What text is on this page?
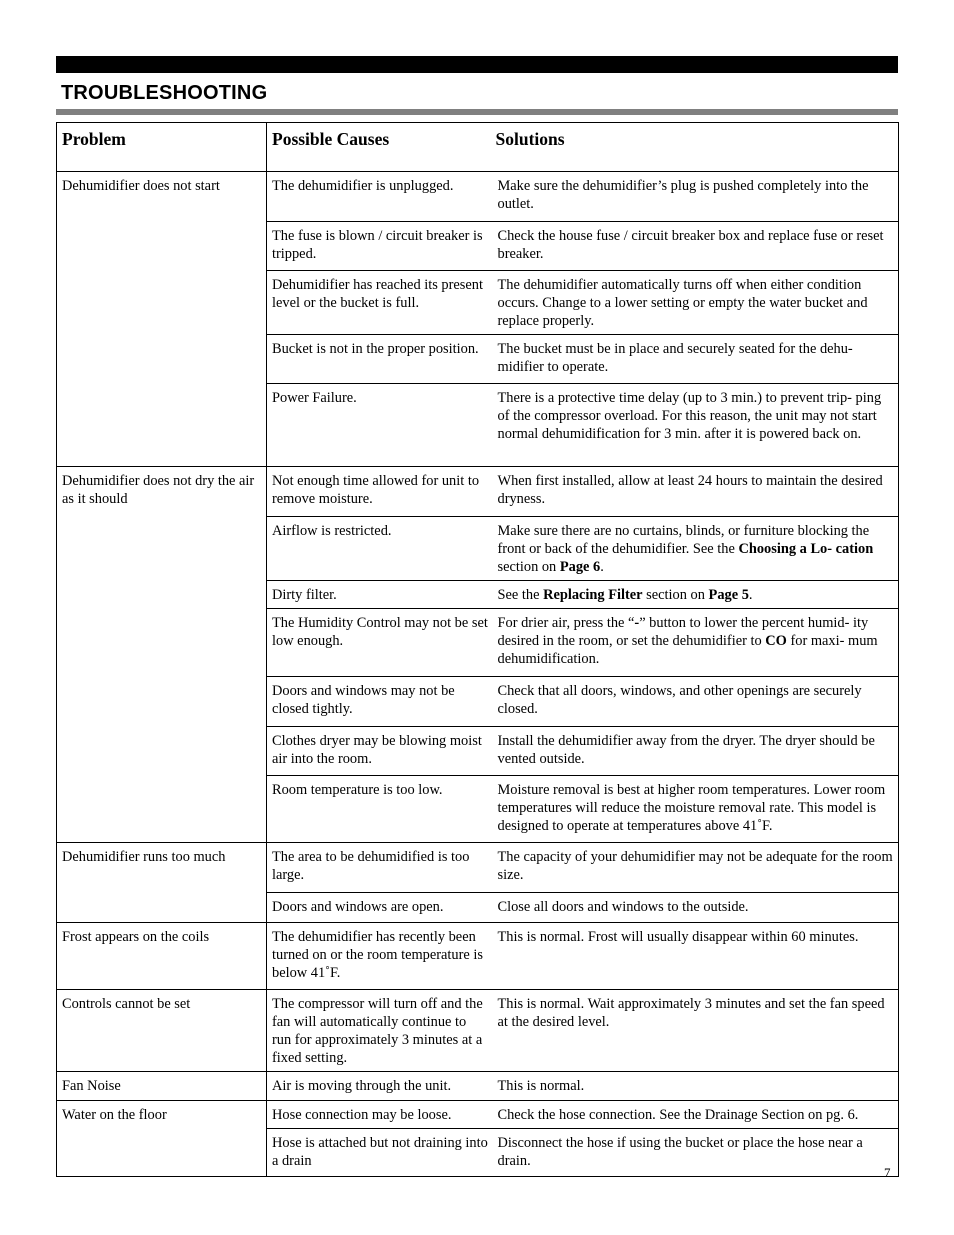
TROUBLESHOOTING
Problem	Possible Causes	Solutions
Dehumidifier does not start	The dehumidifier is unplugged.	Make sure the dehumidifier’s plug is pushed completely into the outlet.
	The fuse is blown / circuit breaker is tripped.	Check the house fuse / circuit breaker box and replace fuse or reset breaker.
	Dehumidifier has reached its present level or the bucket is full.	The dehumidifier automatically turns off when either condition occurs. Change to a lower setting or empty the water bucket and replace properly.
	Bucket is not in the proper position.	The bucket must be in place and securely seated for the dehu- midifier to operate.
	Power Failure.	There is a protective time delay (up to 3 min.) to prevent trip- ping of the compressor overload. For this reason, the unit may not start normal dehumidification for 3 min. after it is powered back on.
Dehumidifier does not dry the air as it should	Not enough time allowed for unit to remove moisture.	When first installed, allow at least 24 hours to maintain the desired dryness.
	Airflow is restricted.	Make sure there are no curtains, blinds, or furniture blocking the front or back of the dehumidifier. See the Choosing a Lo- cation section on Page 6.
	Dirty filter.	See the Replacing Filter section on Page 5.
	The Humidity Control may not be set low enough.	For drier air, press the “-” button to lower the percent humid- ity desired in the room, or set the dehumidifier to CO for maxi- mum dehumidification.
	Doors and windows may not be closed tightly.	Check that all doors, windows, and other openings are securely closed.
	Clothes dryer may be blowing moist air into the room.	Install the dehumidifier away from the dryer. The dryer should be vented outside.
	Room temperature is too low.	Moisture removal is best at higher room temperatures. Lower room temperatures will reduce the moisture removal rate. This model is designed to operate at temperatures above 41˚F.
Dehumidifier runs too much	The area to be dehumidified is too large.	The capacity of your dehumidifier may not be adequate for the room size.
	Doors and windows are open.	Close all doors and windows to the outside.
Frost appears on the coils	The dehumidifier has recently been turned on or the room temperature is below 41˚F.	This is normal. Frost will usually disappear within 60 minutes.
Controls cannot be set	The compressor will turn off and the fan will automatically continue to run for approximately 3 minutes at a fixed setting.	This is normal. Wait approximately 3 minutes and set the fan speed at the desired level.
Fan Noise	Air is moving through the unit.	This is normal.
Water on the floor	Hose connection may be loose.	Check the hose connection. See the Drainage Section on pg. 6.
	Hose is attached but not draining into a drain	Disconnect the hose if using the bucket or place the hose near a drain.
7
